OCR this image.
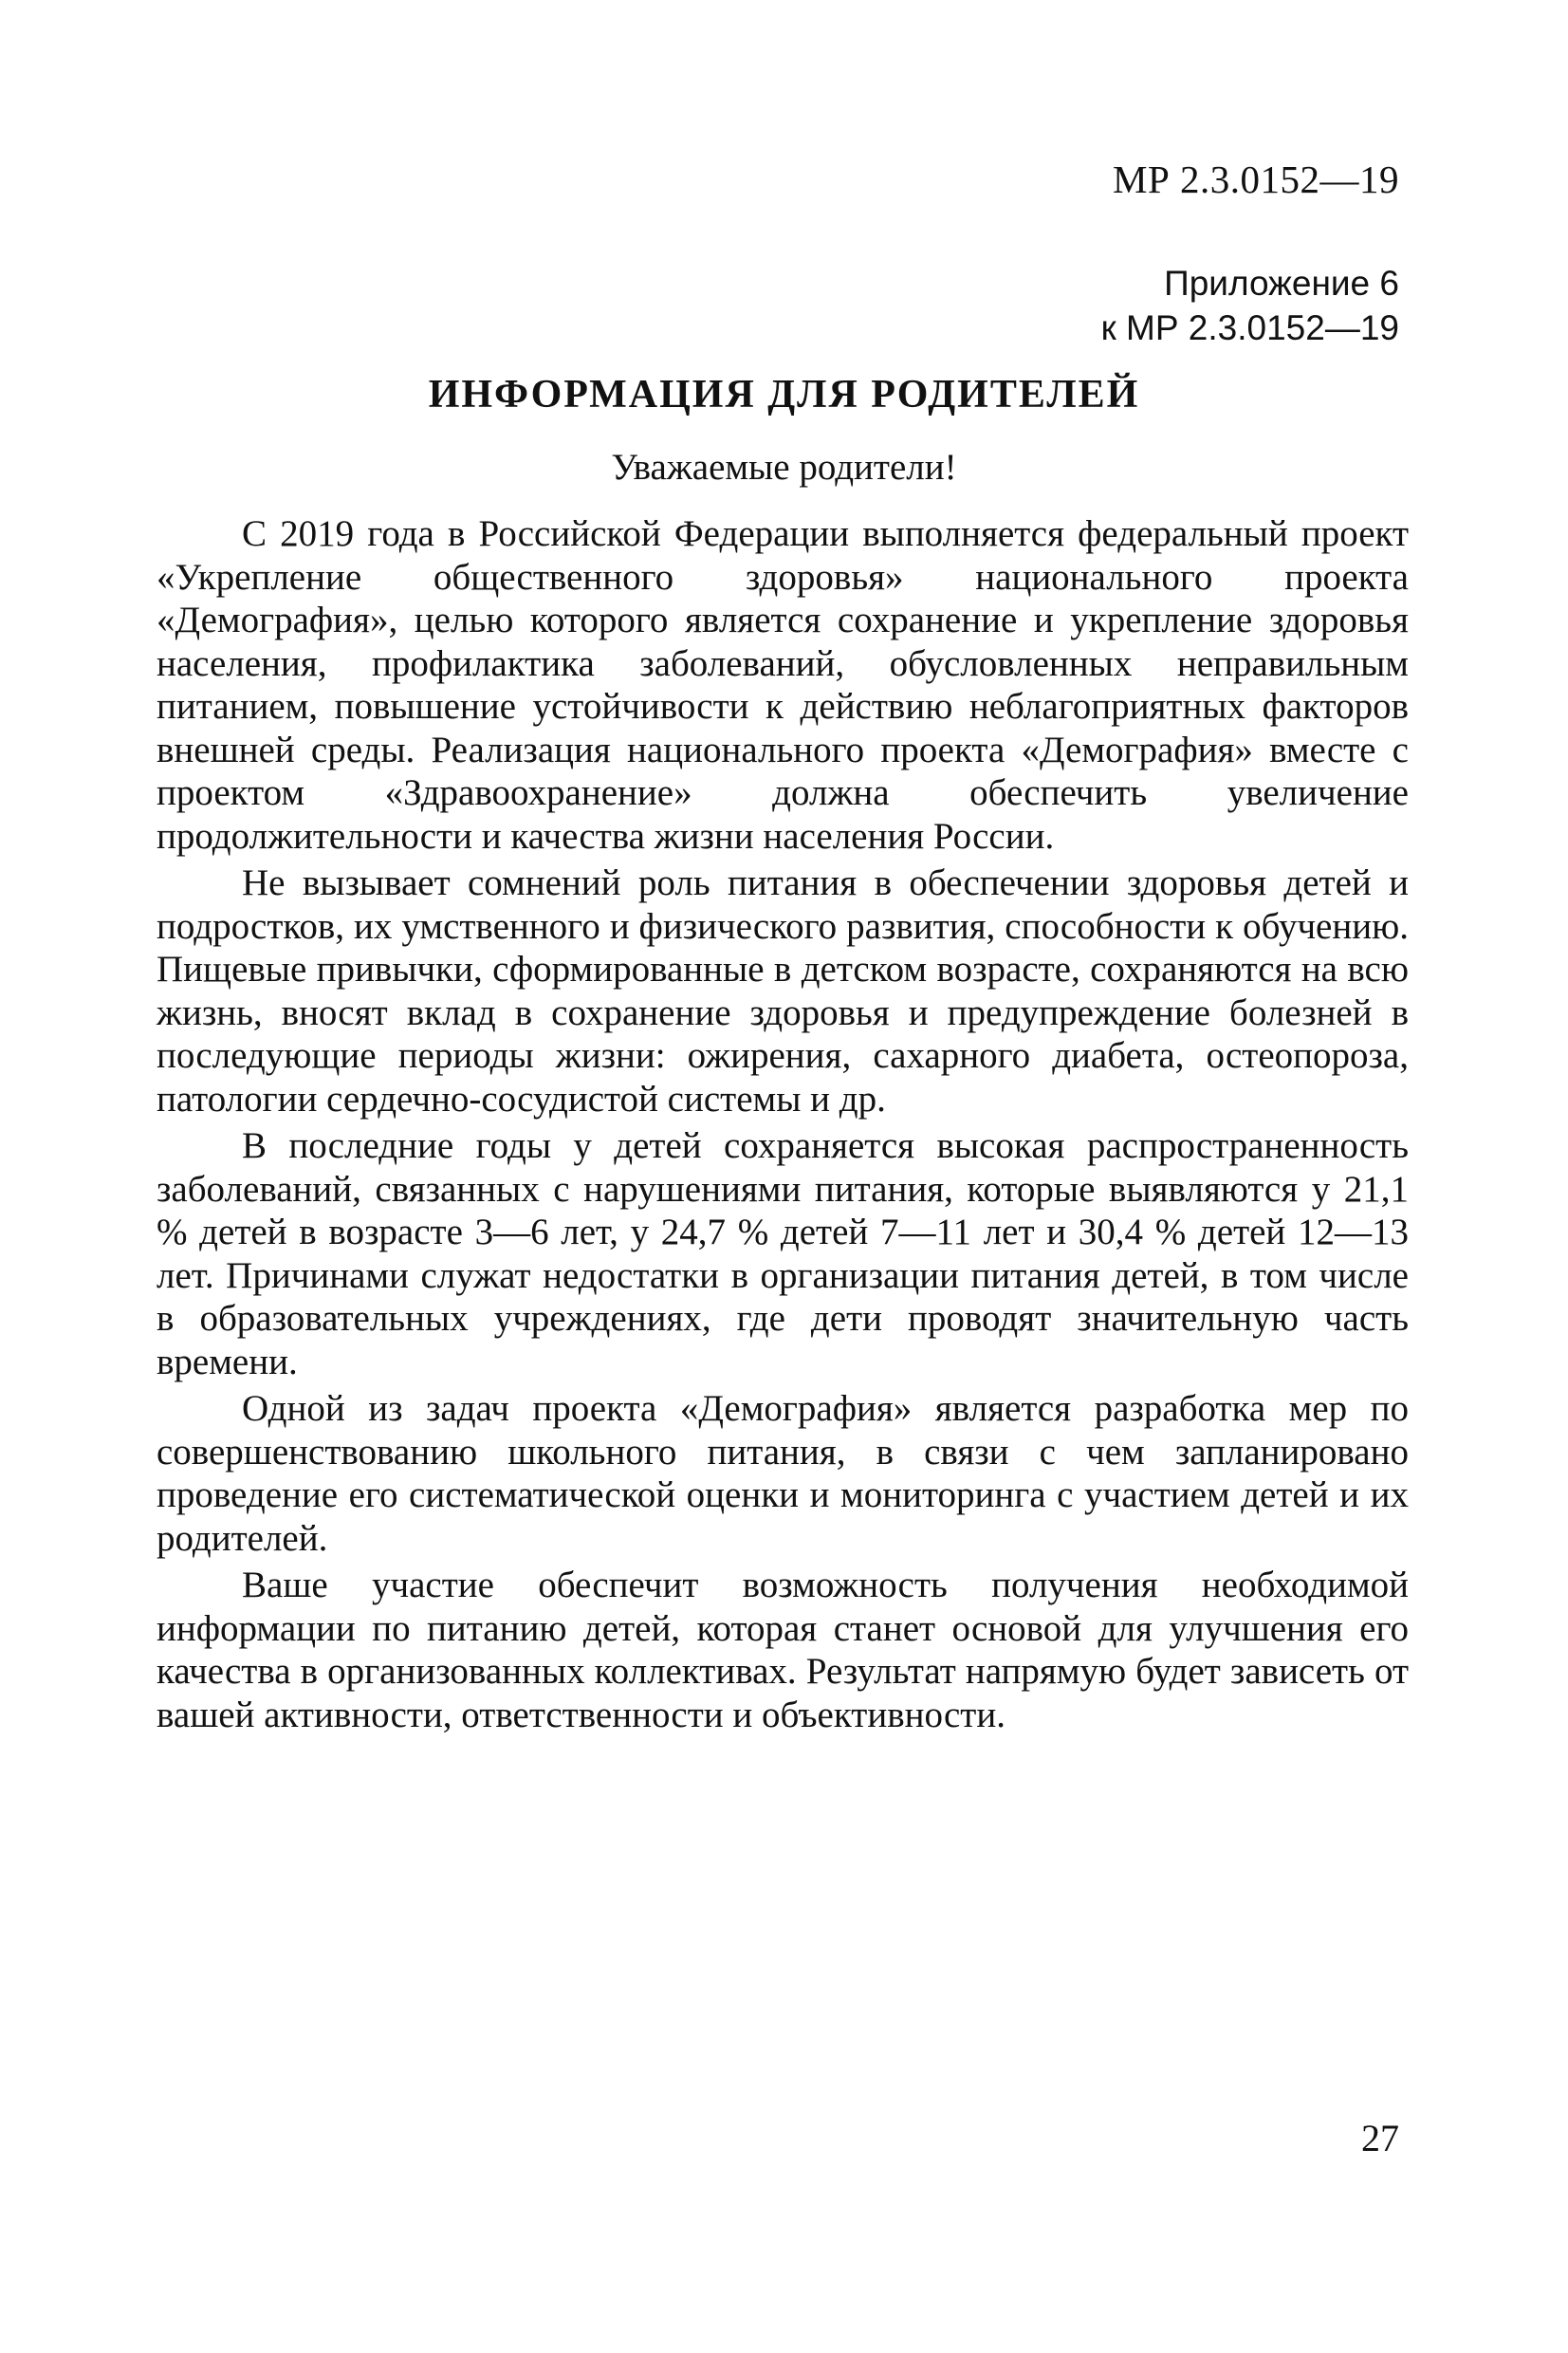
МР 2.3.0152—19

Приложение 6
к МР 2.3.0152—19
ИНФОРМАЦИЯ ДЛЯ РОДИТЕЛЕЙ

Уважаемые родители!

С 2019 года в Российской Федерации выполняется федеральный проект «Укрепление общественного здоровья» национального проекта «Демография», целью которого является сохранение и укрепление здоровья населения, профилактика заболеваний, обусловленных неправильным питанием, повышение устойчивости к действию неблагоприятных факторов внешней среды. Реализация национального проекта «Демография» вместе с проектом «Здравоохранение» должна обеспечить увеличение продолжительности и качества жизни населения России.

Не вызывает сомнений роль питания в обеспечении здоровья детей и подростков, их умственного и физического развития, способности к обучению. Пищевые привычки, сформированные в детском возрасте, сохраняются на всю жизнь, вносят вклад в сохранение здоровья и предупреждение болезней в последующие периоды жизни: ожирения, сахарного диабета, остеопороза, патологии сердечно-сосудистой системы и др.

В последние годы у детей сохраняется высокая распространенность заболеваний, связанных с нарушениями питания, которые выявляются у 21,1 % детей в возрасте 3—6 лет, у 24,7 % детей 7—11 лет и 30,4 % детей 12—13 лет. Причинами служат недостатки в организации питания детей, в том числе в образовательных учреждениях, где дети проводят значительную часть времени.

Одной из задач проекта «Демография» является разработка мер по совершенствованию школьного питания, в связи с чем запланировано проведение его систематической оценки и мониторинга с участием детей и их родителей.

Ваше участие обеспечит возможность получения необходимой информации по питанию детей, которая станет основой для улучшения его качества в организованных коллективах. Результат напрямую будет зависеть от вашей активности, ответственности и объективности.

27
